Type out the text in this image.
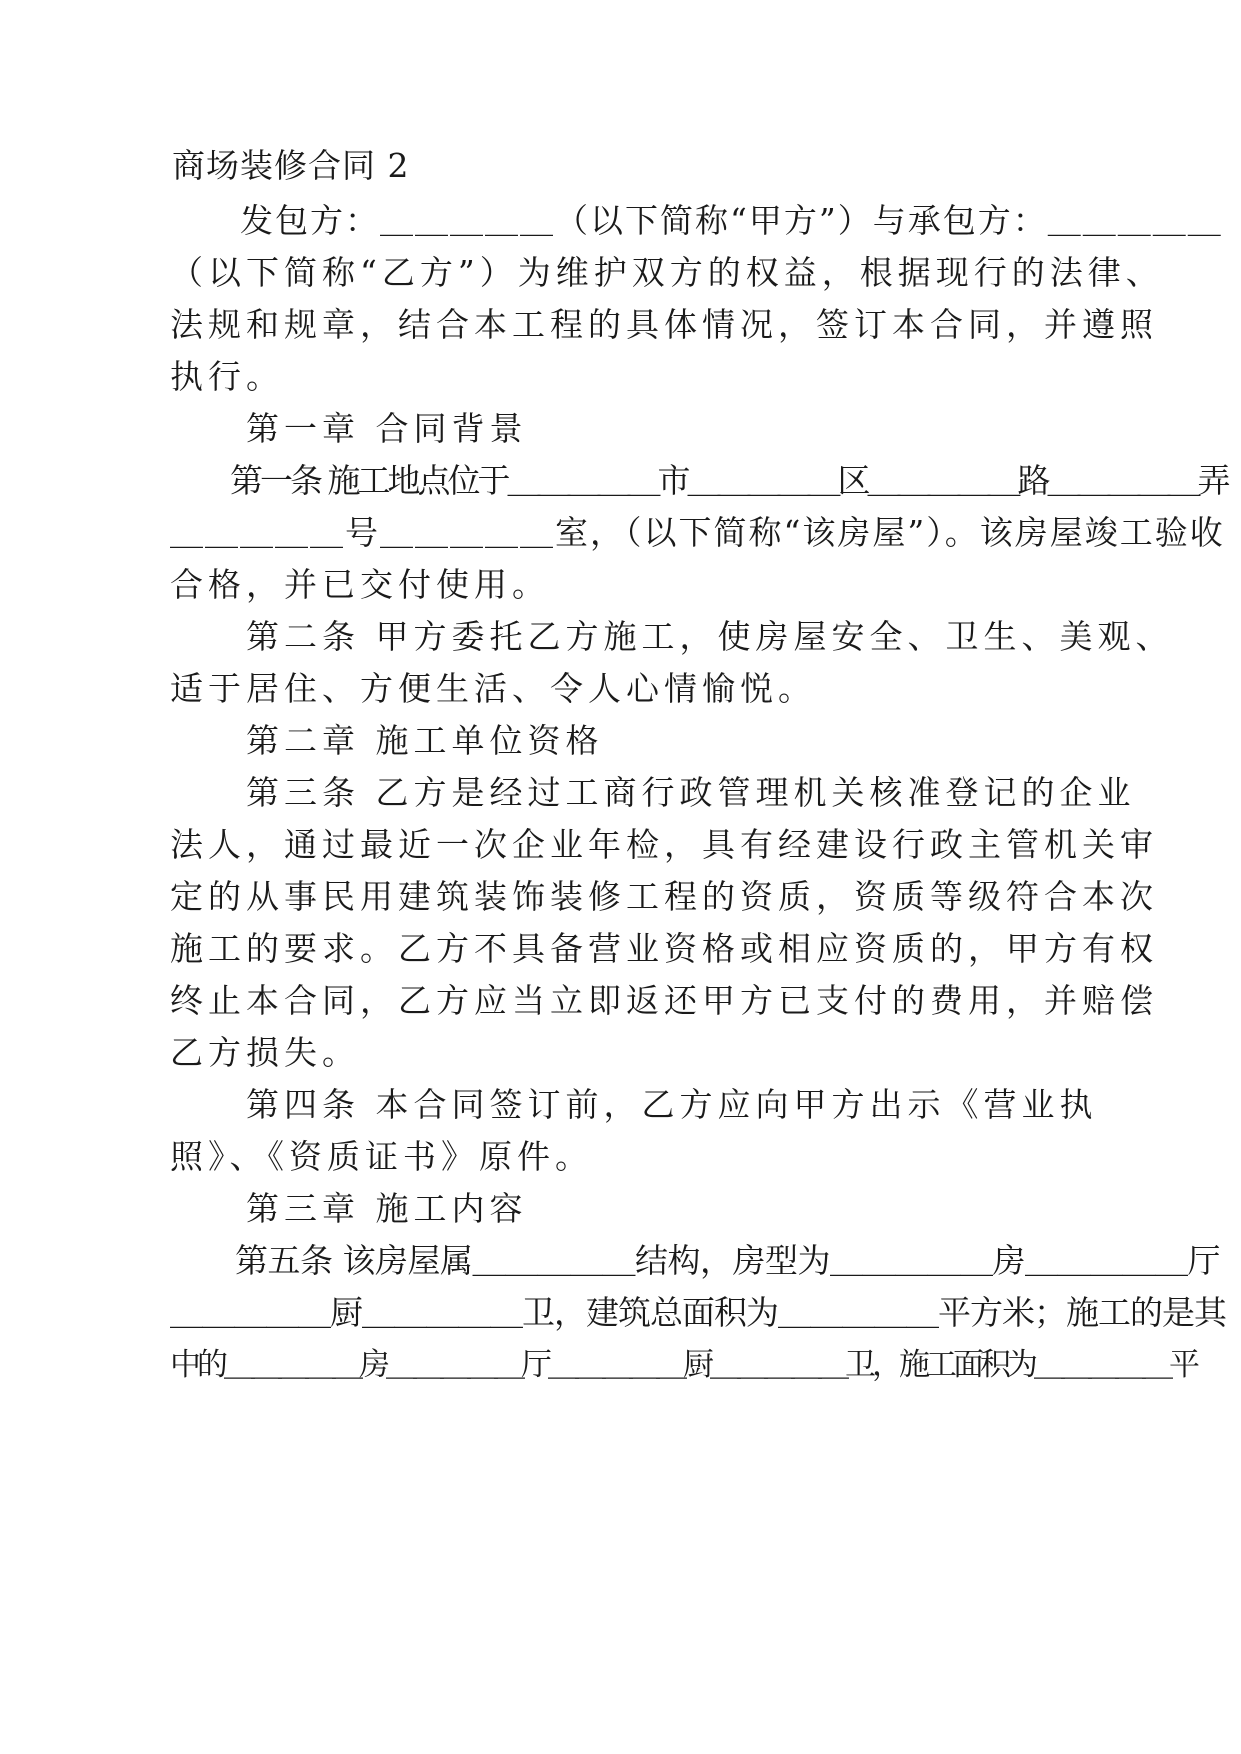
商场装修合同 2
　　发包方：＿＿＿＿＿（以下简称“甲方”）与承包方：＿＿＿＿＿
（以下简称“乙方”）为维护双方的权益，根据现行的法律、
法规和规章，结合本工程的具体情况，签订本合同，并遵照
执行。
　　第一章 合同背景
　　第一条 施工地点位于＿＿＿＿＿市＿＿＿＿＿区＿＿＿＿＿路＿＿＿＿＿弄
＿＿＿＿＿号＿＿＿＿＿室，（以下简称“该房屋”）。该房屋竣工验收
合格，并已交付使用。
　　第二条 甲方委托乙方施工，使房屋安全、卫生、美观、
适于居住、方便生活、令人心情愉悦。
　　第二章 施工单位资格
　　第三条 乙方是经过工商行政管理机关核准登记的企业
法人，通过最近一次企业年检，具有经建设行政主管机关审
定的从事民用建筑装饰装修工程的资质，资质等级符合本次
施工的要求。乙方不具备营业资格或相应资质的，甲方有权
终止本合同，乙方应当立即返还甲方已支付的费用，并赔偿
乙方损失。
　　第四条 本合同签订前，乙方应向甲方出示《营业执
照》、《资质证书》原件。
　　第三章 施工内容
　　第五条 该房屋属＿＿＿＿＿结构，房型为＿＿＿＿＿房＿＿＿＿＿厅
＿＿＿＿＿厨＿＿＿＿＿卫，建筑总面积为＿＿＿＿＿平方米；施工的是其
中的＿＿＿＿＿房＿＿＿＿＿厅＿＿＿＿＿厨＿＿＿＿＿卫，施工面积为＿＿＿＿＿平
